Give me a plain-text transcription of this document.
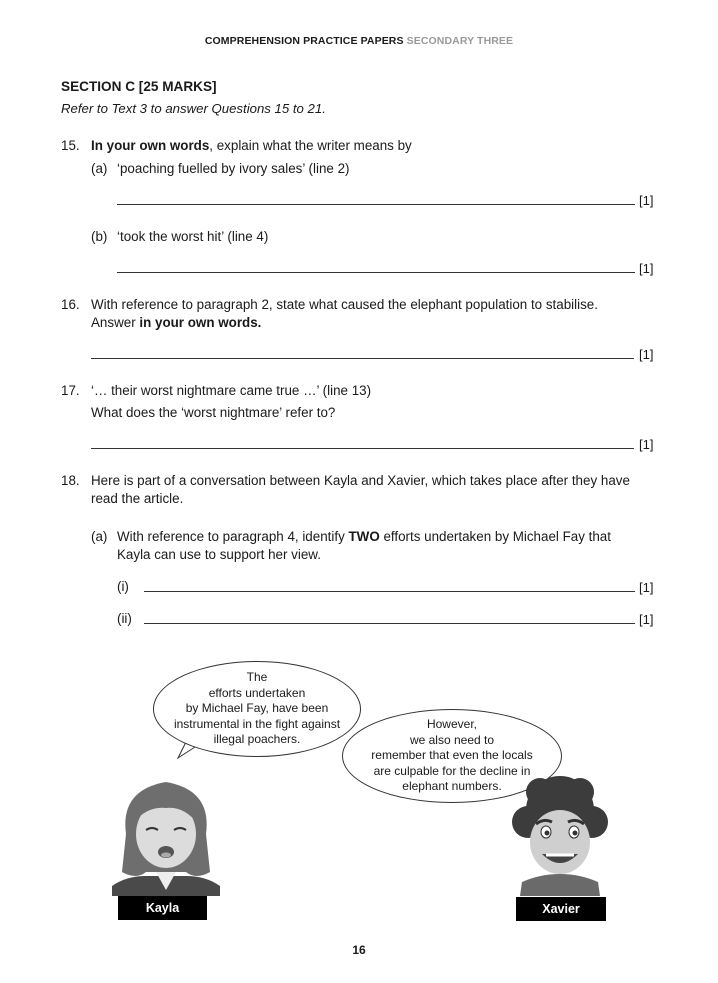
COMPREHENSION PRACTICE PAPERS SECONDARY THREE
SECTION C [25 MARKS]
Refer to Text 3 to answer Questions 15 to 21.
15. In your own words, explain what the writer means by
(a) ‘poaching fuelled by ivory sales’ (line 2)
[1]
(b) ‘took the worst hit’ (line 4)
[1]
16. With reference to paragraph 2, state what caused the elephant population to stabilise.
Answer in your own words.
[1]
17. ‘… their worst nightmare came true …’ (line 13)
What does the ‘worst nightmare’ refer to?
[1]
18. Here is part of a conversation between Kayla and Xavier, which takes place after they have
read the article.
(a) With reference to paragraph 4, identify TWO efforts undertaken by Michael Fay that
Kayla can use to support her view.
(i)	[1]
(ii)	[1]
The
efforts undertaken
by Michael Fay, have been
instrumental in the fight against
illegal poachers.
However,
we also need to
remember that even the locals
are culpable for the decline in
elephant numbers.
Kayla	Xavier
16
